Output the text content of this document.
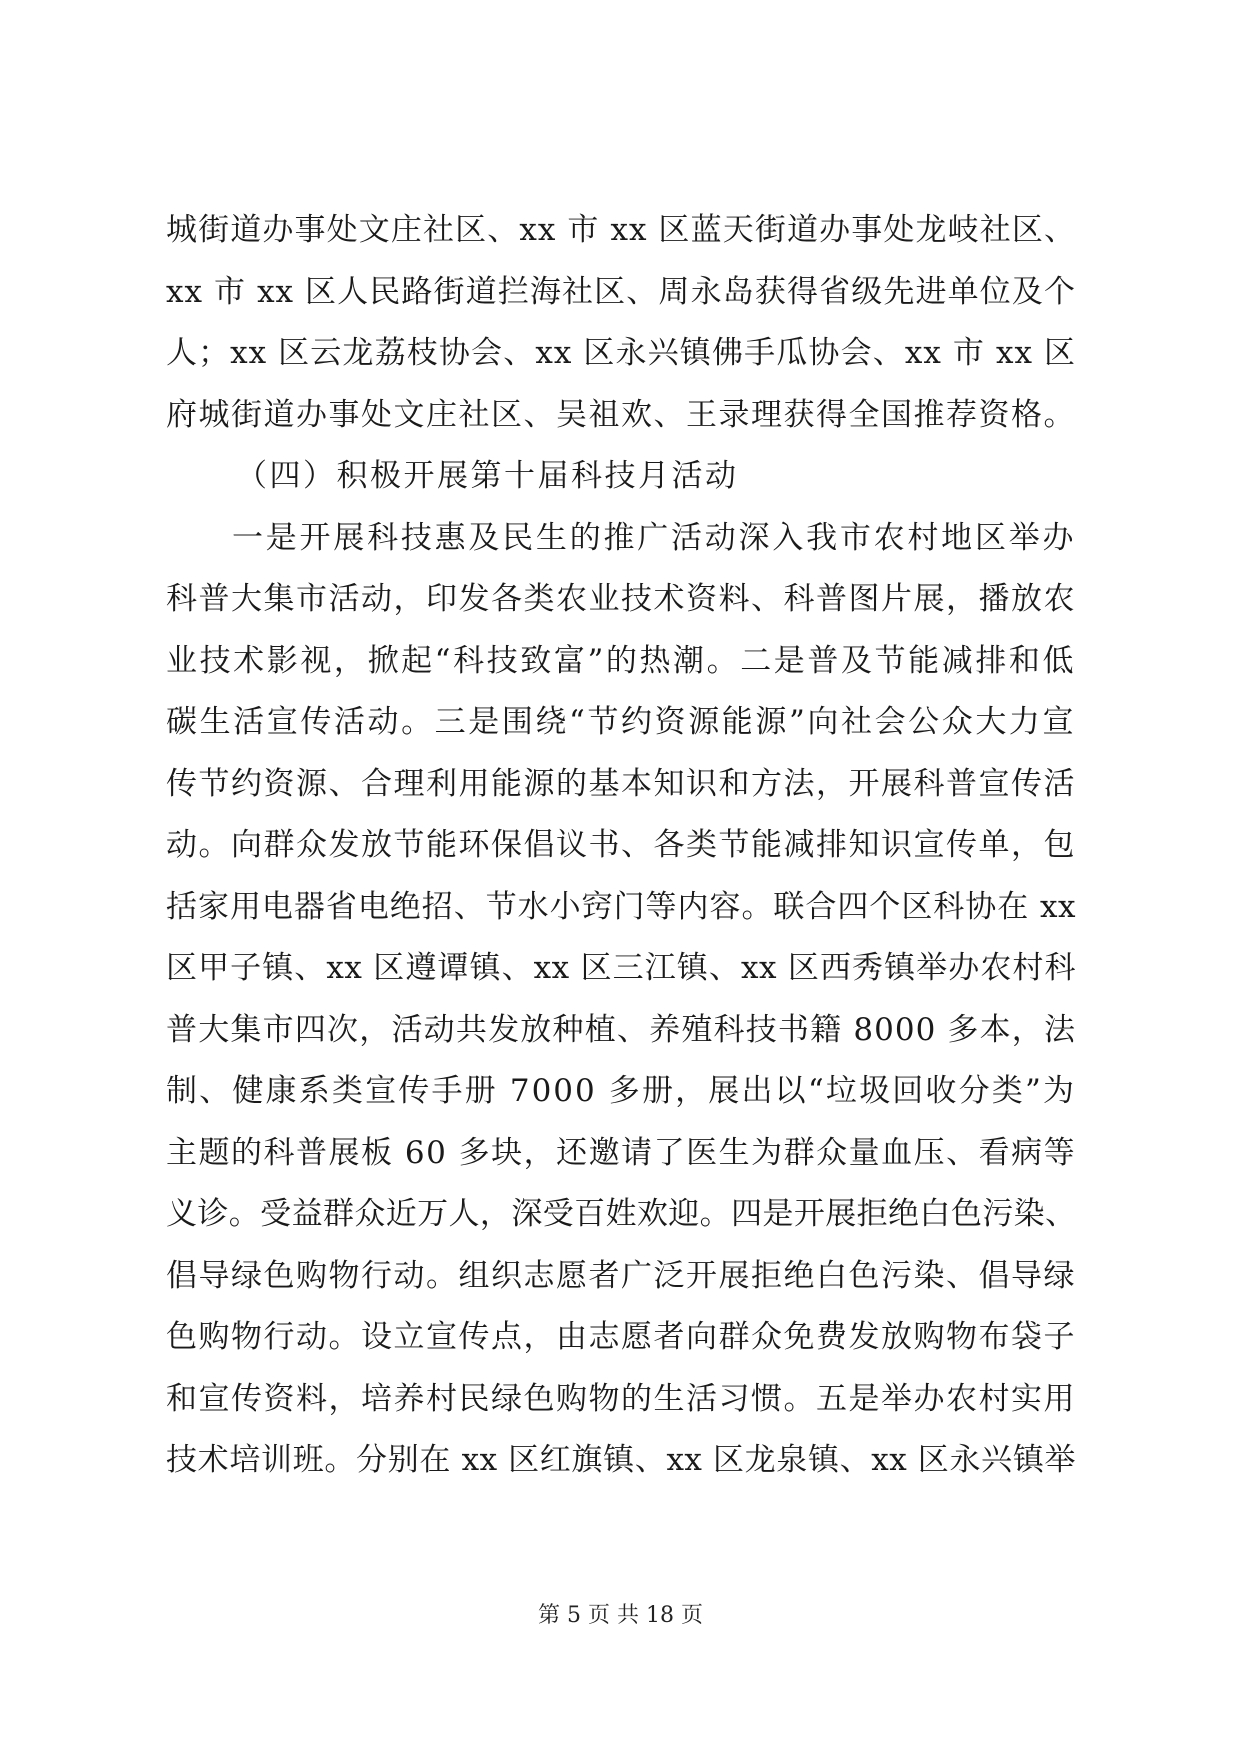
城街道办事处文庄社区、xx 市 xx 区蓝天街道办事处龙岐社区、
xx 市 xx 区人民路街道拦海社区、周永岛获得省级先进单位及个
人；xx 区云龙荔枝协会、xx 区永兴镇佛手瓜协会、xx 市 xx 区
府城街道办事处文庄社区、吴祖欢、王录理获得全国推荐资格。
（四）积极开展第十届科技月活动
一是开展科技惠及民生的推广活动深入我市农村地区举办
科普大集市活动，印发各类农业技术资料、科普图片展，播放农
业技术影视，掀起“科技致富”的热潮。二是普及节能减排和低
碳生活宣传活动。三是围绕“节约资源能源”向社会公众大力宣
传节约资源、合理利用能源的基本知识和方法，开展科普宣传活
动。向群众发放节能环保倡议书、各类节能减排知识宣传单，包
括家用电器省电绝招、节水小窍门等内容。联合四个区科协在 xx
区甲子镇、xx 区遵谭镇、xx 区三江镇、xx 区西秀镇举办农村科
普大集市四次，活动共发放种植、养殖科技书籍 8000 多本，法
制、健康系类宣传手册 7000 多册，展出以“垃圾回收分类”为
主题的科普展板 60 多块，还邀请了医生为群众量血压、看病等
义诊。受益群众近万人，深受百姓欢迎。四是开展拒绝白色污染、
倡导绿色购物行动。组织志愿者广泛开展拒绝白色污染、倡导绿
色购物行动。设立宣传点，由志愿者向群众免费发放购物布袋子
和宣传资料，培养村民绿色购物的生活习惯。五是举办农村实用
技术培训班。分别在 xx 区红旗镇、xx 区龙泉镇、xx 区永兴镇举
第 5 页 共 18 页
